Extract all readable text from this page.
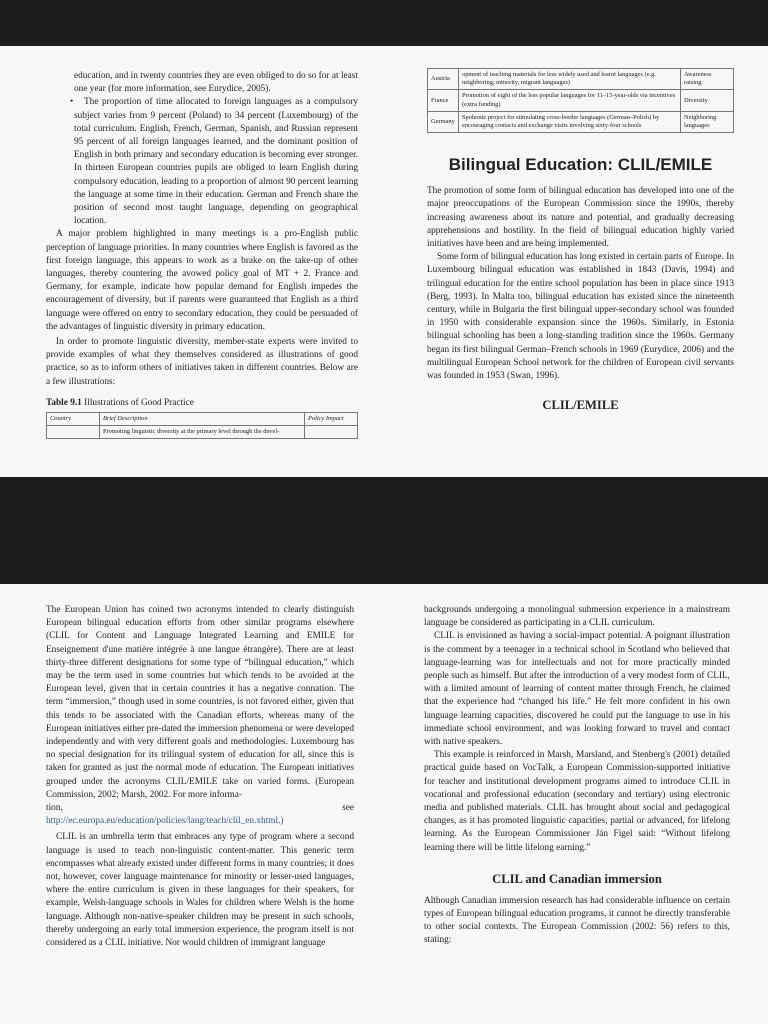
education, and in twenty countries they are even obliged to do so for at least one year (for more information, see Eurydice, 2005).

• The proportion of time allocated to foreign languages as a compulsory subject varies from 9 percent (Poland) to 34 percent (Luxembourg) of the total curriculum. English, French, German, Spanish, and Russian represent 95 percent of all foreign languages learned, and the dominant position of English in both primary and secondary education is becoming ever stronger. In thirteen European countries pupils are obliged to learn English during compulsory education, leading to a proportion of almost 90 percent learning the language at some time in their education. German and French share the position of second most taught language, depending on geographical location.

A major problem highlighted in many meetings is a pro-English public perception of language priorities. In many countries where English is favored as the first foreign language, this appears to work as a brake on the take-up of other languages, thereby countering the avowed policy goal of MT + 2. France and Germany, for example, indicate how popular demand for English impedes the encouragement of diversity, but if parents were guaranteed that English as a third language were offered on entry to secondary education, they could be persuaded of the advantages of linguistic diversity in primary education.

In order to promote linguistic diversity, member-state experts were invited to provide examples of what they themselves considered as illustrations of good practice, so as to inform others of initiatives taken in different countries. Below are a few illustrations:

Table 9.1 Illustrations of Good Practice
Country	Brief Description	Policy Impact
	Promoting linguistic diversity at the primary level through the devel-	
Austria	opment of teaching materials for less widely used and learnt languages (e.g. neighboring, minority, migrant languages)	Awareness raising
France	Promotion of eight of the less popular languages for 11–15-year-olds via incentives (extra funding)	Diversity
Germany	Spohonie project for stimulating cross-border languages (German–Polish) by encouraging contacts and exchange visits involving sixty-four schools	Neighboring languages
Bilingual Education: CLIL/EMILE

The promotion of some form of bilingual education has developed into one of the major preoccupations of the European Commission since the 1990s, thereby increasing awareness about its nature and potential, and gradually decreasing apprehensions and hostility. In the field of bilingual education highly varied initiatives have been and are being implemented.

Some form of bilingual education has long existed in certain parts of Europe. In Luxembourg bilingual education was established in 1843 (Davis, 1994) and trilingual education for the entire school population has been in place since 1913 (Berg, 1993). In Malta too, bilingual education has existed since the nineteenth century, while in Bulgaria the first bilingual upper-secondary school was founded in 1950 with considerable expansion since the 1960s. Similarly, in Estonia bilingual schooling has been a long-standing tradition since the 1960s. Germany began its first bilingual German–French schools in 1969 (Eurydice, 2006) and the multilingual European School network for the children of European civil servants was founded in 1953 (Swan, 1996).

CLIL/EMILE

The European Union has coined two acronyms intended to clearly distinguish European bilingual education efforts from other similar programs elsewhere (CLIL for Content and Language Integrated Learning and EMILE for Enseignement d'une matière intégrée à une langue étrangère). There are at least thirty-three different designations for some type of “bilingual education,” which may be the term used in some countries but which tends to be avoided at the European level, given that in certain countries it has a negative connation. The term “immersion,” though used in some countries, is not favored either, given that this tends to be associated with the Canadian efforts, whereas many of the European initiatives either pre-dated the immersion phenomena or were developed independently and with very different goals and methodologies. Luxembourg has no special designation for its trilingual system of education for all, since this is taken for granted as just the normal mode of education. The European initiatives grouped under the acronyms CLIL/EMILE take on varied forms. (European Commission, 2002; Marsh, 2002. For more informa-

tion,	see
http://ec.europa.eu/education/policies/lang/teach/clil_en.xhtml.)

CLIL is an umbrella term that embraces any type of program where a second language is used to teach non-linguistic content-matter. This generic term encompasses what already existed under different forms in many countries; it does not, however, cover language maintenance for minority or lesser-used languages, where the entire curriculum is given in these languages for their speakers, for example, Welsh-language schools in Wales for children where Welsh is the home language. Although non-native-speaker children may be present in such schools, thereby undergoing an early total immersion experience, the program itself is not considered as a CLIL initiative. Nor would children of immigrant language

backgrounds undergoing a monolingual submersion experience in a mainstream language be considered as participating in a CLIL curriculum.

CLIL is envisioned as having a social-impact potential. A poignant illustration is the comment by a teenager in a technical school in Scotland who believed that language-learning was for intellectuals and not for more practically minded people such as himself. But after the introduction of a very modest form of CLIL, with a limited amount of learning of content matter through French, he claimed that the experience had “changed his life.” He felt more confident in his own language learning capacities, discovered he could put the language to use in his immediate school environment, and was looking forward to travel and contact with native speakers.

This example is reinforced in Marsh, Marsland, and Stenberg's (2001) detailed practical guide based on VocTalk, a European Commission-supported initiative for teacher and institutional development programs aimed to introduce CLIL in vocational and professional education (secondary and tertiary) using electronic media and published materials. CLIL has brought about social and pedagogical changes, as it has promoted linguistic capacities, partial or advanced, for lifelong learning. As the European Commissioner Ján Figel said: “Without lifelong learning there will be little lifelong earning.”

CLIL and Canadian immersion

Although Canadian immersion research has had considerable influence on certain types of European bilingual education programs, it cannot be directly transferable to other social contexts. The European Commission (2002: 56) refers to this, stating:
